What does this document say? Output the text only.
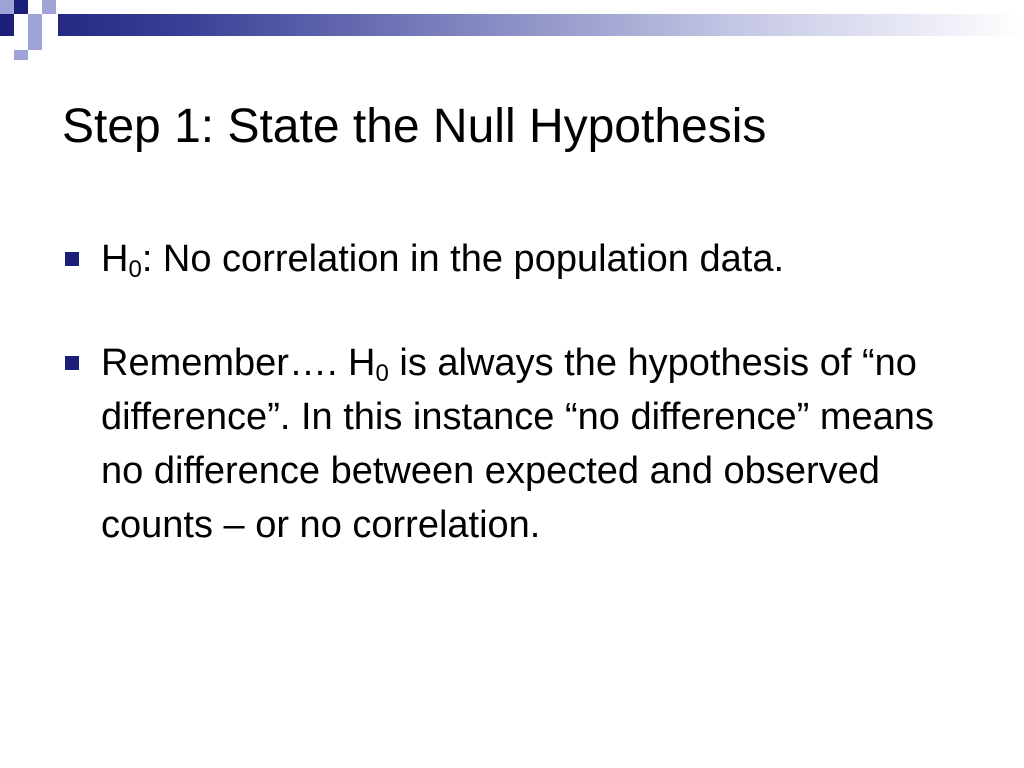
Step 1: State the Null Hypothesis
$H_0$: No correlation in the population data.
Remember…. $H_0$ is always the hypothesis of “no difference”. In this instance “no difference” means no difference between expected and observed counts – or no correlation.
